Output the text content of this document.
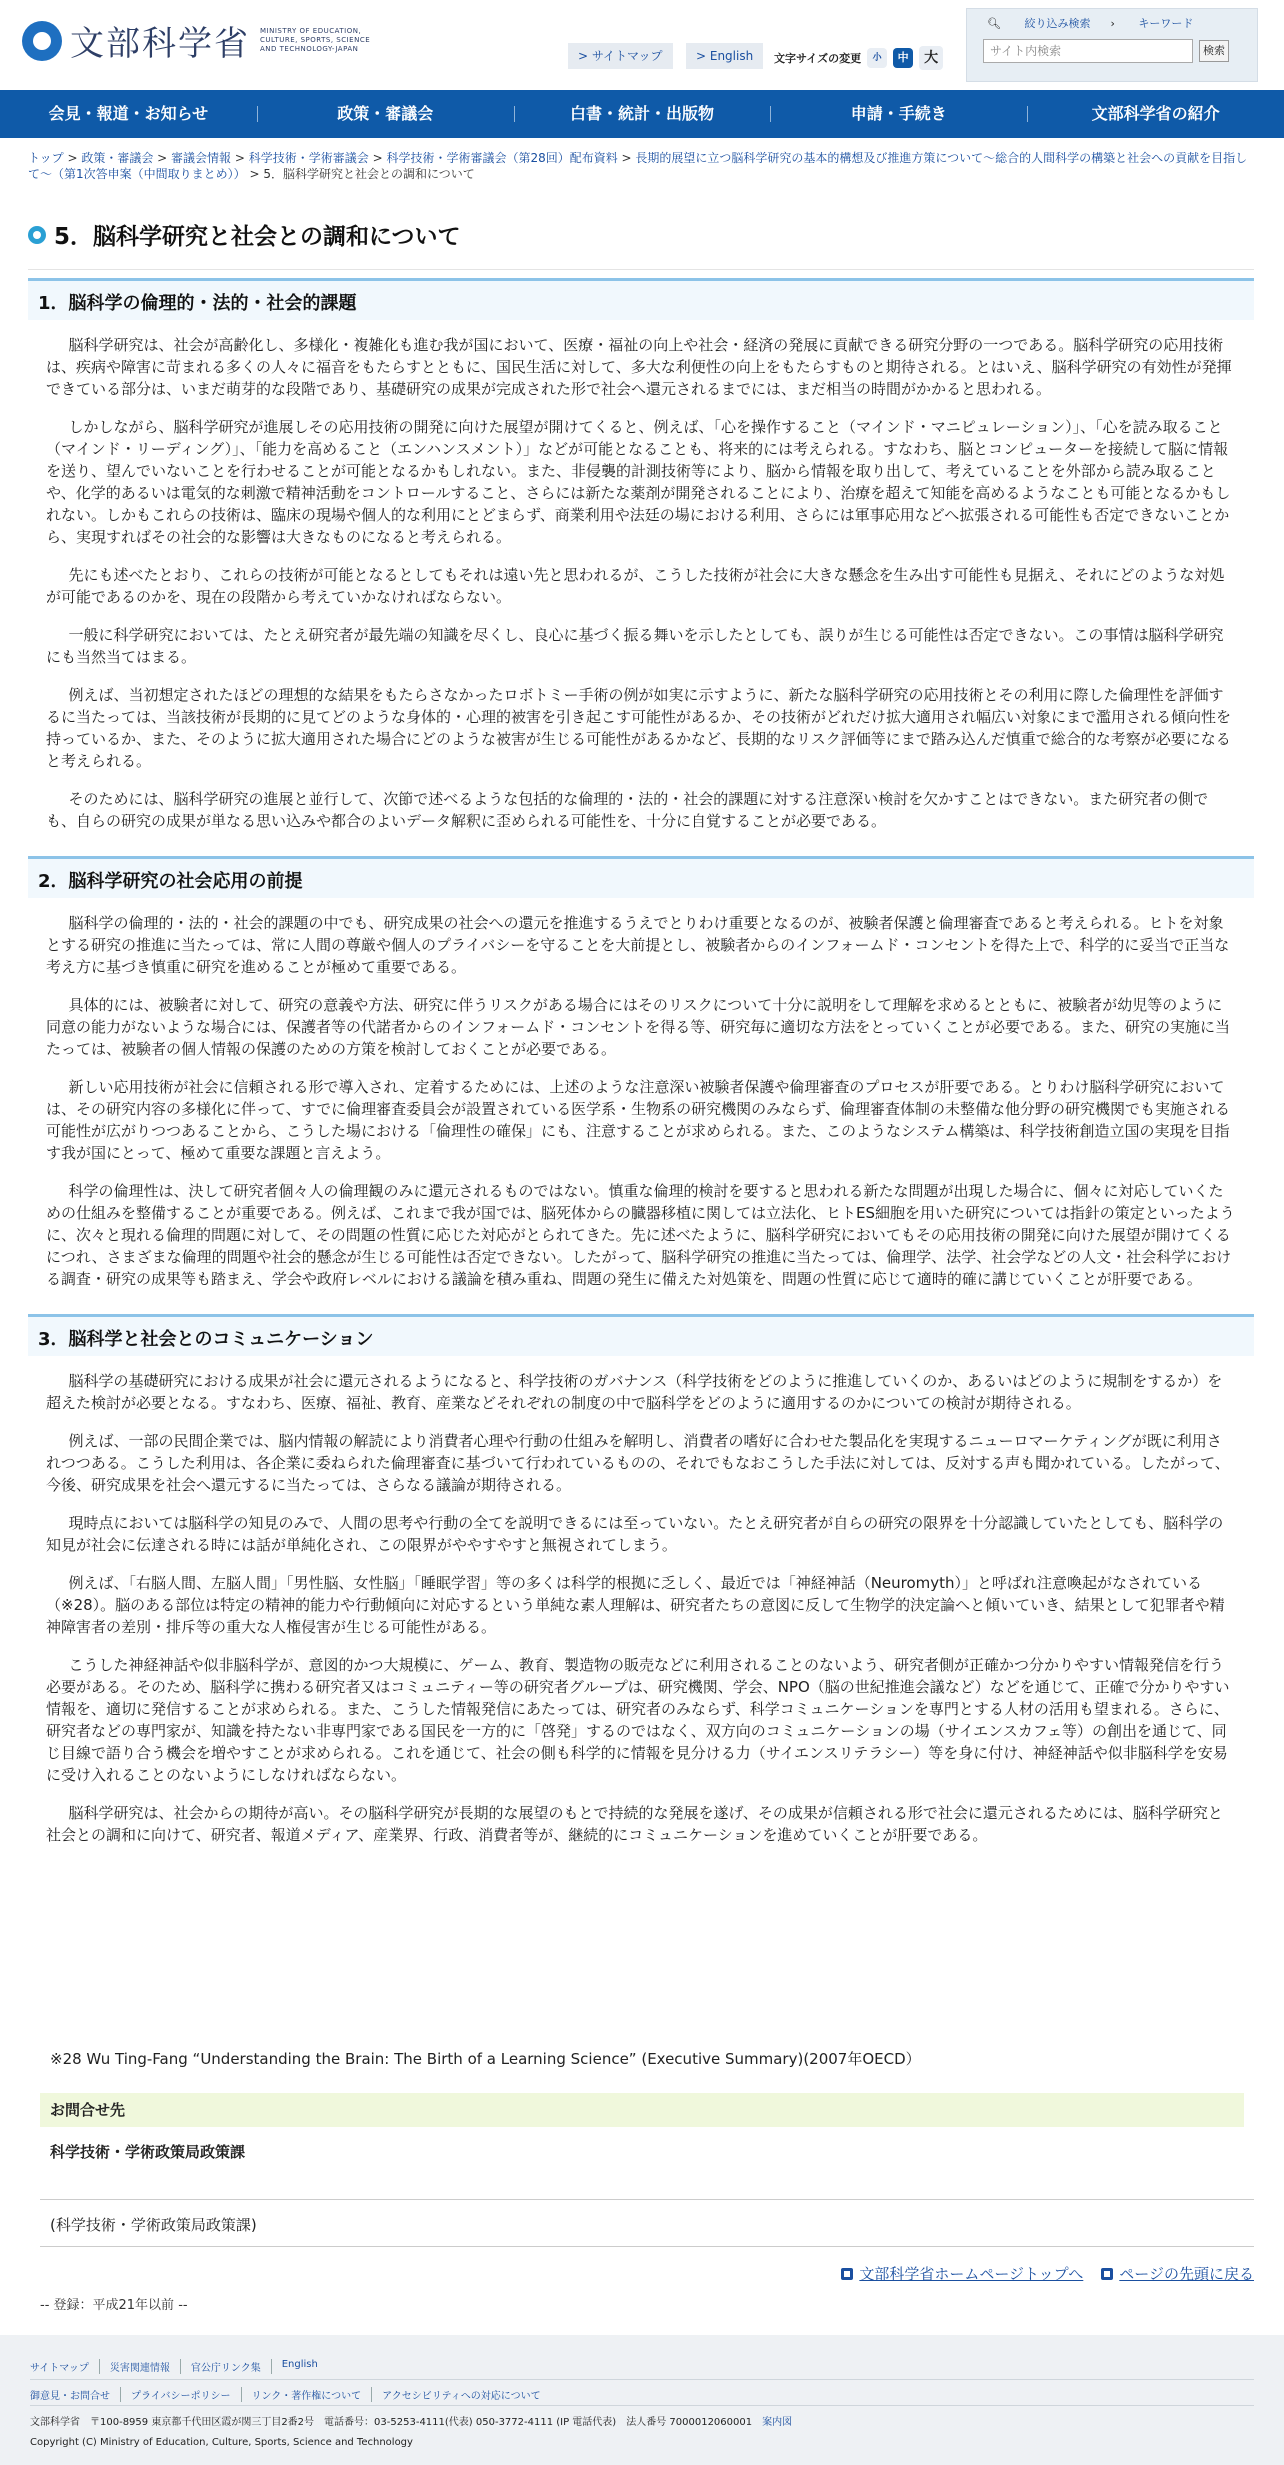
文部科学省 MINISTRY OF EDUCATION, CULTURE, SPORTS, SCIENCE AND TECHNOLOGY-JAPAN	> サイトマップ	> English	文字サイズの変更	小	中	大
🔍︎ 絞り込み検索 › キーワード
サイト内検索	検索
会見・報道・お知らせ	政策・審議会	白書・統計・出版物	申請・手続き	文部科学省の紹介
トップ > 政策・審議会 > 審議会情報 > 科学技術・学術審議会 > 科学技術・学術審議会（第28回）配布資料 > 長期的展望に立つ脳科学研究の基本的構想及び推進方策について～総合的人間科学の構築と社会への貢献を目指して～（第1次答申案（中間取りまとめ）） > 5．脳科学研究と社会との調和について
5．脳科学研究と社会との調和について
1．脳科学の倫理的・法的・社会的課題

脳科学研究は、社会が高齢化し、多様化・複雑化も進む我が国において、医療・福祉の向上や社会・経済の発展に貢献できる研究分野の一つである。脳科学研究の応用技術は、疾病や障害に苛まれる多くの人々に福音をもたらすとともに、国民生活に対して、多大な利便性の向上をもたらすものと期待される。とはいえ、脳科学研究の有効性が発揮できている部分は、いまだ萌芽的な段階であり、基礎研究の成果が完成された形で社会へ還元されるまでには、まだ相当の時間がかかると思われる。

しかしながら、脳科学研究が進展しその応用技術の開発に向けた展望が開けてくると、例えば、「心を操作すること（マインド・マニピュレーション）」、「心を読み取ること（マインド・リーディング）」、「能力を高めること（エンハンスメント）」などが可能となることも、将来的には考えられる。すなわち、脳とコンピューターを接続して脳に情報を送り、望んでいないことを行わせることが可能となるかもしれない。また、非侵襲的計測技術等により、脳から情報を取り出して、考えていることを外部から読み取ることや、化学的あるいは電気的な刺激で精神活動をコントロールすること、さらには新たな薬剤が開発されることにより、治療を超えて知能を高めるようなことも可能となるかもしれない。しかもこれらの技術は、臨床の現場や個人的な利用にとどまらず、商業利用や法廷の場における利用、さらには軍事応用などへ拡張される可能性も否定できないことから、実現すればその社会的な影響は大きなものになると考えられる。

先にも述べたとおり、これらの技術が可能となるとしてもそれは遠い先と思われるが、こうした技術が社会に大きな懸念を生み出す可能性も見据え、それにどのような対処が可能であるのかを、現在の段階から考えていかなければならない。

一般に科学研究においては、たとえ研究者が最先端の知識を尽くし、良心に基づく振る舞いを示したとしても、誤りが生じる可能性は否定できない。この事情は脳科学研究にも当然当てはまる。

例えば、当初想定されたほどの理想的な結果をもたらさなかったロボトミー手術の例が如実に示すように、新たな脳科学研究の応用技術とその利用に際した倫理性を評価するに当たっては、当該技術が長期的に見てどのような身体的・心理的被害を引き起こす可能性があるか、その技術がどれだけ拡大適用され幅広い対象にまで濫用される傾向性を持っているか、また、そのように拡大適用された場合にどのような被害が生じる可能性があるかなど、長期的なリスク評価等にまで踏み込んだ慎重で総合的な考察が必要になると考えられる。

そのためには、脳科学研究の進展と並行して、次節で述べるような包括的な倫理的・法的・社会的課題に対する注意深い検討を欠かすことはできない。また研究者の側でも、自らの研究の成果が単なる思い込みや都合のよいデータ解釈に歪められる可能性を、十分に自覚することが必要である。

2．脳科学研究の社会応用の前提

脳科学の倫理的・法的・社会的課題の中でも、研究成果の社会への還元を推進するうえでとりわけ重要となるのが、被験者保護と倫理審査であると考えられる。ヒトを対象とする研究の推進に当たっては、常に人間の尊厳や個人のプライバシーを守ることを大前提とし、被験者からのインフォームド・コンセントを得た上で、科学的に妥当で正当な考え方に基づき慎重に研究を進めることが極めて重要である。

具体的には、被験者に対して、研究の意義や方法、研究に伴うリスクがある場合にはそのリスクについて十分に説明をして理解を求めるとともに、被験者が幼児等のように同意の能力がないような場合には、保護者等の代諾者からのインフォームド・コンセントを得る等、研究毎に適切な方法をとっていくことが必要である。また、研究の実施に当たっては、被験者の個人情報の保護のための方策を検討しておくことが必要である。

新しい応用技術が社会に信頼される形で導入され、定着するためには、上述のような注意深い被験者保護や倫理審査のプロセスが肝要である。とりわけ脳科学研究においては、その研究内容の多様化に伴って、すでに倫理審査委員会が設置されている医学系・生物系の研究機関のみならず、倫理審査体制の未整備な他分野の研究機関でも実施される可能性が広がりつつあることから、こうした場における「倫理性の確保」にも、注意することが求められる。また、このようなシステム構築は、科学技術創造立国の実現を目指す我が国にとって、極めて重要な課題と言えよう。

科学の倫理性は、決して研究者個々人の倫理観のみに還元されるものではない。慎重な倫理的検討を要すると思われる新たな問題が出現した場合に、個々に対応していくための仕組みを整備することが重要である。例えば、これまで我が国では、脳死体からの臓器移植に関しては立法化、ヒトES細胞を用いた研究については指針の策定といったように、次々と現れる倫理的問題に対して、その問題の性質に応じた対応がとられてきた。先に述べたように、脳科学研究においてもその応用技術の開発に向けた展望が開けてくるにつれ、さまざまな倫理的問題や社会的懸念が生じる可能性は否定できない。したがって、脳科学研究の推進に当たっては、倫理学、法学、社会学などの人文・社会科学における調査・研究の成果等も踏まえ、学会や政府レベルにおける議論を積み重ね、問題の発生に備えた対処策を、問題の性質に応じて適時的確に講じていくことが肝要である。

3．脳科学と社会とのコミュニケーション

脳科学の基礎研究における成果が社会に還元されるようになると、科学技術のガバナンス（科学技術をどのように推進していくのか、あるいはどのように規制をするか）を超えた検討が必要となる。すなわち、医療、福祉、教育、産業などそれぞれの制度の中で脳科学をどのように適用するのかについての検討が期待される。

例えば、一部の民間企業では、脳内情報の解読により消費者心理や行動の仕組みを解明し、消費者の嗜好に合わせた製品化を実現するニューロマーケティングが既に利用されつつある。こうした利用は、各企業に委ねられた倫理審査に基づいて行われているものの、それでもなおこうした手法に対しては、反対する声も聞かれている。したがって、今後、研究成果を社会へ還元するに当たっては、さらなる議論が期待される。

現時点においては脳科学の知見のみで、人間の思考や行動の全てを説明できるには至っていない。たとえ研究者が自らの研究の限界を十分認識していたとしても、脳科学の知見が社会に伝達される時には話が単純化され、この限界がややすやすと無視されてしまう。

例えば、「右脳人間、左脳人間」「男性脳、女性脳」「睡眠学習」等の多くは科学的根拠に乏しく、最近では「神経神話（Neuromyth）」と呼ばれ注意喚起がなされている（※28）。脳のある部位は特定の精神的能力や行動傾向に対応するという単純な素人理解は、研究者たちの意図に反して生物学的決定論へと傾いていき、結果として犯罪者や精神障害者の差別・排斥等の重大な人権侵害が生じる可能性がある。

こうした神経神話や似非脳科学が、意図的かつ大規模に、ゲーム、教育、製造物の販売などに利用されることのないよう、研究者側が正確かつ分かりやすい情報発信を行う必要がある。そのため、脳科学に携わる研究者又はコミュニティー等の研究者グループは、研究機関、学会、NPO（脳の世紀推進会議など）などを通じて、正確で分かりやすい情報を、適切に発信することが求められる。また、こうした情報発信にあたっては、研究者のみならず、科学コミュニケーションを専門とする人材の活用も望まれる。さらに、研究者などの専門家が、知識を持たない非専門家である国民を一方的に「啓発」するのではなく、双方向のコミュニケーションの場（サイエンスカフェ等）の創出を通じて、同じ目線で語り合う機会を増やすことが求められる。これを通じて、社会の側も科学的に情報を見分ける力（サイエンスリテラシー）等を身に付け、神経神話や似非脳科学を安易に受け入れることのないようにしなければならない。

脳科学研究は、社会からの期待が高い。その脳科学研究が長期的な展望のもとで持続的な発展を遂げ、その成果が信頼される形で社会に還元されるためには、脳科学研究と社会との調和に向けて、研究者、報道メディア、産業界、行政、消費者等が、継続的にコミュニケーションを進めていくことが肝要である。

※28 Wu Ting-Fang “Understanding the Brain: The Birth of a Learning Science” (Executive Summary)(2007年OECD）
お問合せ先
科学技術・学術政策局政策課
(科学技術・学術政策局政策課)
文部科学省ホームページトップへ ページの先頭に戻る
-- 登録：平成21年以前 --
サイトマップ	災害関連情報	官公庁リンク集	English
御意見・お問合せ	プライバシーポリシー	リンク・著作権について	アクセシビリティへの対応について
文部科学省　〒100-8959 東京都千代田区霞が関三丁目2番2号　電話番号：03-5253-4111(代表) 050-3772-4111 (IP 電話代表)　法人番号 7000012060001　 案内図
Copyright (C) Ministry of Education, Culture, Sports, Science and Technology
